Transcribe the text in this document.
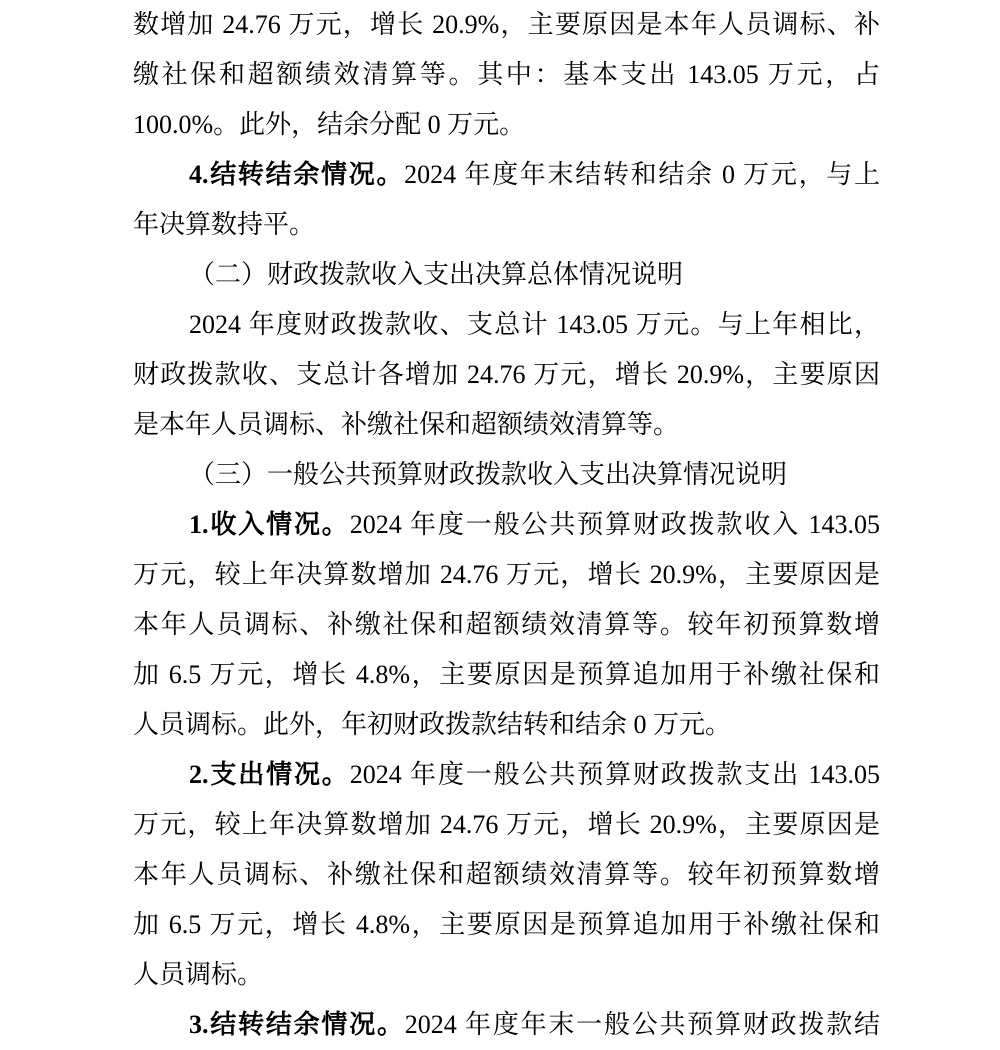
数增加 24.76 万元，增长 20.9%，主要原因是本年人员调标、补
缴社保和超额绩效清算等。其中：基本支出 143.05 万元，占
100.0%。此外，结余分配 0 万元。
4.结转结余情况。2024 年度年末结转和结余 0 万元，与上
年决算数持平。
（二）财政拨款收入支出决算总体情况说明
2024 年度财政拨款收、支总计 143.05 万元。与上年相比，
财政拨款收、支总计各增加 24.76 万元，增长 20.9%，主要原因
是本年人员调标、补缴社保和超额绩效清算等。
（三）一般公共预算财政拨款收入支出决算情况说明
1.收入情况。2024 年度一般公共预算财政拨款收入 143.05
万元，较上年决算数增加 24.76 万元，增长 20.9%，主要原因是
本年人员调标、补缴社保和超额绩效清算等。较年初预算数增
加 6.5 万元，增长 4.8%，主要原因是预算追加用于补缴社保和
人员调标。此外，年初财政拨款结转和结余 0 万元。
2.支出情况。2024 年度一般公共预算财政拨款支出 143.05
万元，较上年决算数增加 24.76 万元，增长 20.9%，主要原因是
本年人员调标、补缴社保和超额绩效清算等。较年初预算数增
加 6.5 万元，增长 4.8%，主要原因是预算追加用于补缴社保和
人员调标。
3.结转结余情况。2024 年度年末一般公共预算财政拨款结
